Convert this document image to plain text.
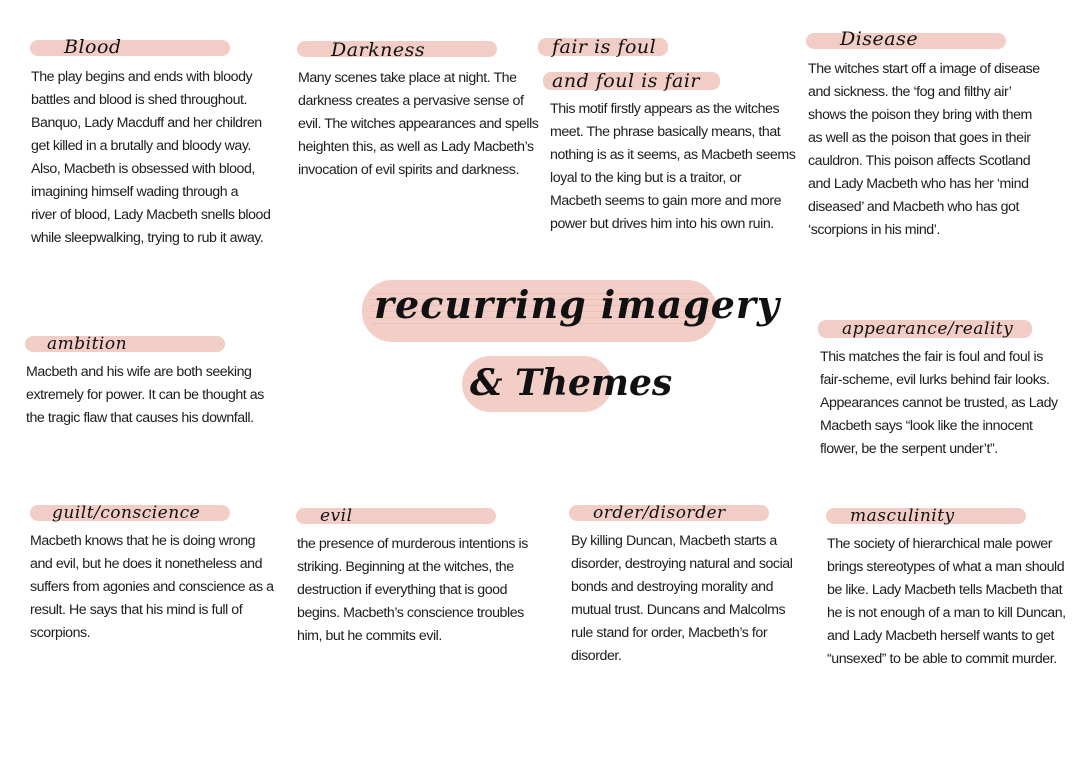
recurring imagery
& Themes
Blood
The play begins and ends with bloody
battles and blood is shed throughout.
Banquo, Lady Macduff and her children
get killed in a brutally and bloody way.
Also, Macbeth is obsessed with blood,
imagining himself wading through a
river of blood, Lady Macbeth snells blood
while sleepwalking, trying to rub it away.
Darkness
Many scenes take place at night. The
darkness creates a pervasive sense of
evil. The witches appearances and spells
heighten this, as well as Lady Macbeth’s
invocation of evil spirits and darkness.
fair is foul
and foul is fair
This motif firstly appears as the witches
meet. The phrase basically means, that
nothing is as it seems, as Macbeth seems
loyal to the king but is a traitor, or
Macbeth seems to gain more and more
power but drives him into his own ruin.
Disease
The witches start off a image of disease
and sickness. the ‘fog and filthy air’
shows the poison they bring with them
as well as the poison that goes in their
cauldron. This poison affects Scotland
and Lady Macbeth who has her ‘mind
diseased’ and Macbeth who has got
‘scorpions in his mind’.
ambition
Macbeth and his wife are both seeking
extremely for power. It can be thought as
the tragic flaw that causes his downfall.
appearance/reality
This matches the fair is foul and foul is
fair-scheme, evil lurks behind fair looks.
Appearances cannot be trusted, as Lady
Macbeth says “look like the innocent
flower, be the serpent under’t”.
guilt/conscience
Macbeth knows that he is doing wrong
and evil, but he does it nonetheless and
suffers from agonies and conscience as a
result. He says that his mind is full of
scorpions.
evil
the presence of murderous intentions is
striking. Beginning at the witches, the
destruction if everything that is good
begins. Macbeth’s conscience troubles
him, but he commits evil.
order/disorder
By killing Duncan, Macbeth starts a
disorder, destroying natural and social
bonds and destroying morality and
mutual trust. Duncans and Malcolms
rule stand for order, Macbeth’s for
disorder.
masculinity
The society of hierarchical male power
brings stereotypes of what a man should
be like. Lady Macbeth tells Macbeth that
he is not enough of a man to kill Duncan,
and Lady Macbeth herself wants to get
“unsexed” to be able to commit murder.
